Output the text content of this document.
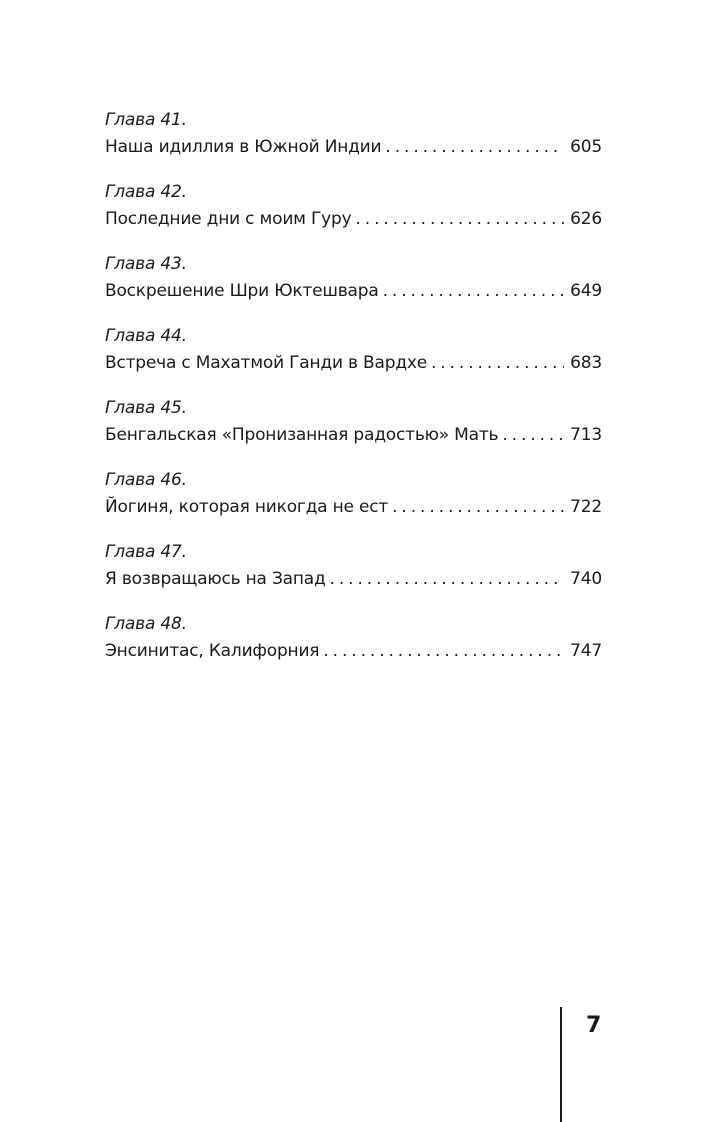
Глава 41.
Наша идиллия в Южной Индии . . .	605
Глава 42.
Последние дни с моим Гуру . . .	626
Глава 43.
Воскрешение Шри Юктешвара . . .	649
Глава 44.
Встреча с Махатмой Ганди в Вардхе . . .	683
Глава 45.
Бенгальская «Пронизанная радостью» Мать . . .	713
Глава 46.
Йогиня, которая никогда не ест . . .	722
Глава 47.
Я возвращаюсь на Запад . . .	740
Глава 48.
Энсинитас, Калифорния . . .	747
7
